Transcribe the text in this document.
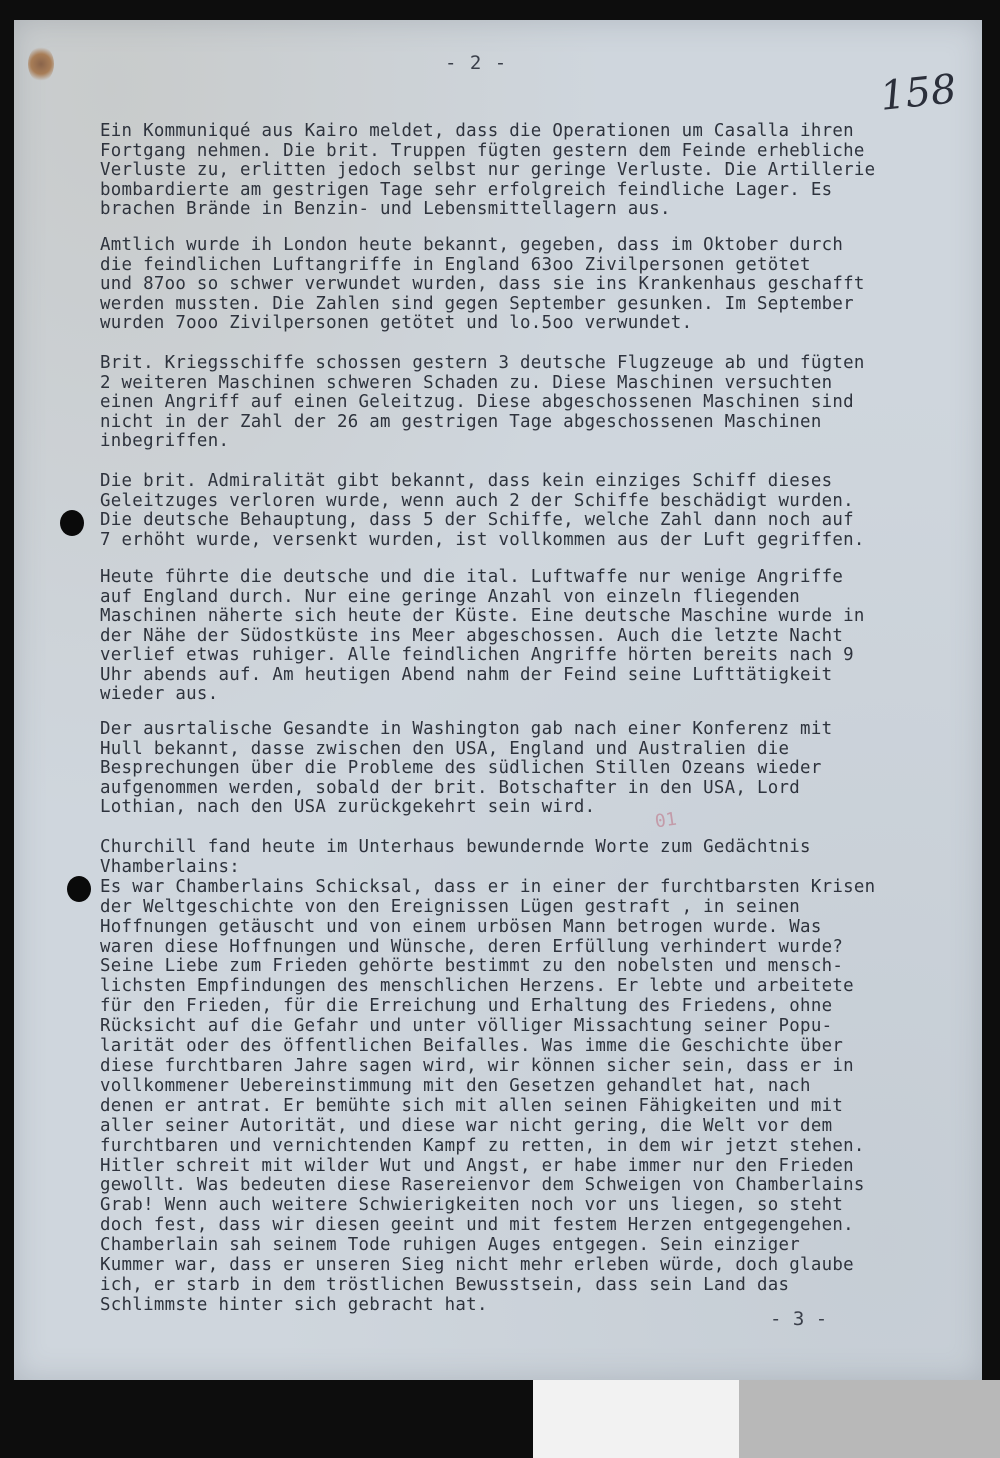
- 2 -
158
01

Ein Kommuniqué aus Kairo meldet, dass die Operationen um Casalla ihren
Fortgang nehmen. Die brit. Truppen fügten gestern dem Feinde erhebliche
Verluste zu, erlitten jedoch selbst nur geringe Verluste. Die Artillerie
bombardierte am gestrigen Tage sehr erfolgreich feindliche Lager. Es
brachen Brände in Benzin- und Lebensmittellagern aus.

Amtlich wurde ih London heute bekannt, gegeben, dass im Oktober durch
die feindlichen Luftangriffe in England 63oo Zivilpersonen getötet
und 87oo so schwer verwundet wurden, dass sie ins Krankenhaus geschafft
werden mussten. Die Zahlen sind gegen September gesunken. Im September
wurden 7ooo Zivilpersonen getötet und lo.5oo verwundet.

Brit. Kriegsschiffe schossen gestern 3 deutsche Flugzeuge ab und fügten
2 weiteren Maschinen schweren Schaden zu. Diese Maschinen versuchten
einen Angriff auf einen Geleitzug. Diese abgeschossenen Maschinen sind
nicht in der Zahl der 26 am gestrigen Tage abgeschossenen Maschinen
inbegriffen.

Die brit. Admiralität gibt bekannt, dass kein einziges Schiff dieses
Geleitzuges verloren wurde, wenn auch 2 der Schiffe beschädigt wurden.
Die deutsche Behauptung, dass 5 der Schiffe, welche Zahl dann noch auf
7 erhöht wurde, versenkt wurden, ist vollkommen aus der Luft gegriffen.

Heute führte die deutsche und die ital. Luftwaffe nur wenige Angriffe
auf England durch. Nur eine geringe Anzahl von einzeln fliegenden
Maschinen näherte sich heute der Küste. Eine deutsche Maschine wurde in
der Nähe der Südostküste ins Meer abgeschossen. Auch die letzte Nacht
verlief etwas ruhiger. Alle feindlichen Angriffe hörten bereits nach 9
Uhr abends auf. Am heutigen Abend nahm der Feind seine Lufttätigkeit
wieder aus.

Der ausrtalische Gesandte in Washington gab nach einer Konferenz mit
Hull bekannt, dasse zwischen den USA, England und Australien die
Besprechungen über die Probleme des südlichen Stillen Ozeans wieder
aufgenommen werden, sobald der brit. Botschafter in den USA, Lord
Lothian, nach den USA zurückgekehrt sein wird.

Churchill fand heute im Unterhaus bewundernde Worte zum Gedächtnis
Vhamberlains:
Es war Chamberlains Schicksal, dass er in einer der furchtbarsten Krisen
der Weltgeschichte von den Ereignissen Lügen gestraft , in seinen
Hoffnungen getäuscht und von einem urbösen Mann betrogen wurde. Was
waren diese Hoffnungen und Wünsche, deren Erfüllung verhindert wurde?
Seine Liebe zum Frieden gehörte bestimmt zu den nobelsten und mensch-
lichsten Empfindungen des menschlichen Herzens. Er lebte und arbeitete
für den Frieden, für die Erreichung und Erhaltung des Friedens, ohne
Rücksicht auf die Gefahr und unter völliger Missachtung seiner Popu-
larität oder des öffentlichen Beifalles. Was imme die Geschichte über
diese furchtbaren Jahre sagen wird, wir können sicher sein, dass er in
vollkommener Uebereinstimmung mit den Gesetzen gehandlet hat, nach
denen er antrat. Er bemühte sich mit allen seinen Fähigkeiten und mit
aller seiner Autorität, und diese war nicht gering, die Welt vor dem
furchtbaren und vernichtenden Kampf zu retten, in dem wir jetzt stehen.
Hitler schreit mit wilder Wut und Angst, er habe immer nur den Frieden
gewollt. Was bedeuten diese Rasereienvor dem Schweigen von Chamberlains
Grab! Wenn auch weitere Schwierigkeiten noch vor uns liegen, so steht
doch fest, dass wir diesen geeint und mit festem Herzen entgegengehen.
Chamberlain sah seinem Tode ruhigen Auges entgegen. Sein einziger
Kummer war, dass er unseren Sieg nicht mehr erleben würde, doch glaube
ich, er starb in dem tröstlichen Bewusstsein, dass sein Land das
Schlimmste hinter sich gebracht hat.

- 3 -
